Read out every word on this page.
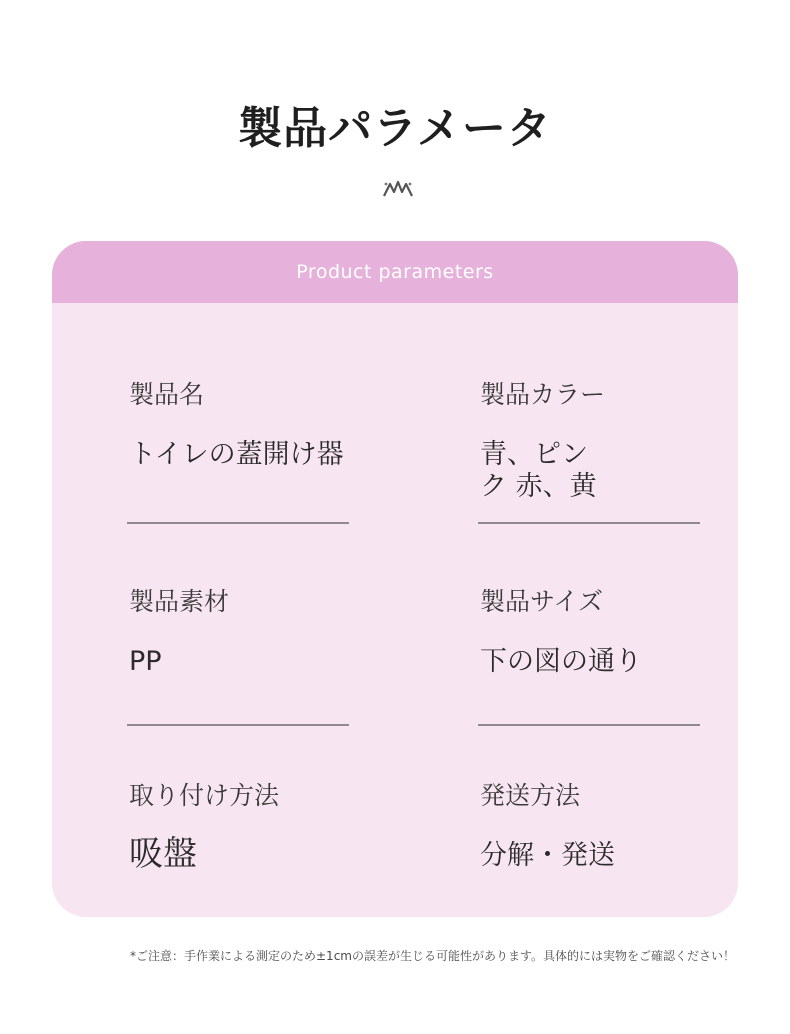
製品パラメータ
Product parameters
製品名
トイレの蓋開け器
製品カラー
青、ピン
ク 赤、黄
製品素材
PP
製品サイズ
下の図の通り
取り付け方法
吸盤
発送方法
分解・発送
*ご注意：手作業による測定のため±1cmの誤差が生じる可能性があります。具体的には実物をご確認ください！
